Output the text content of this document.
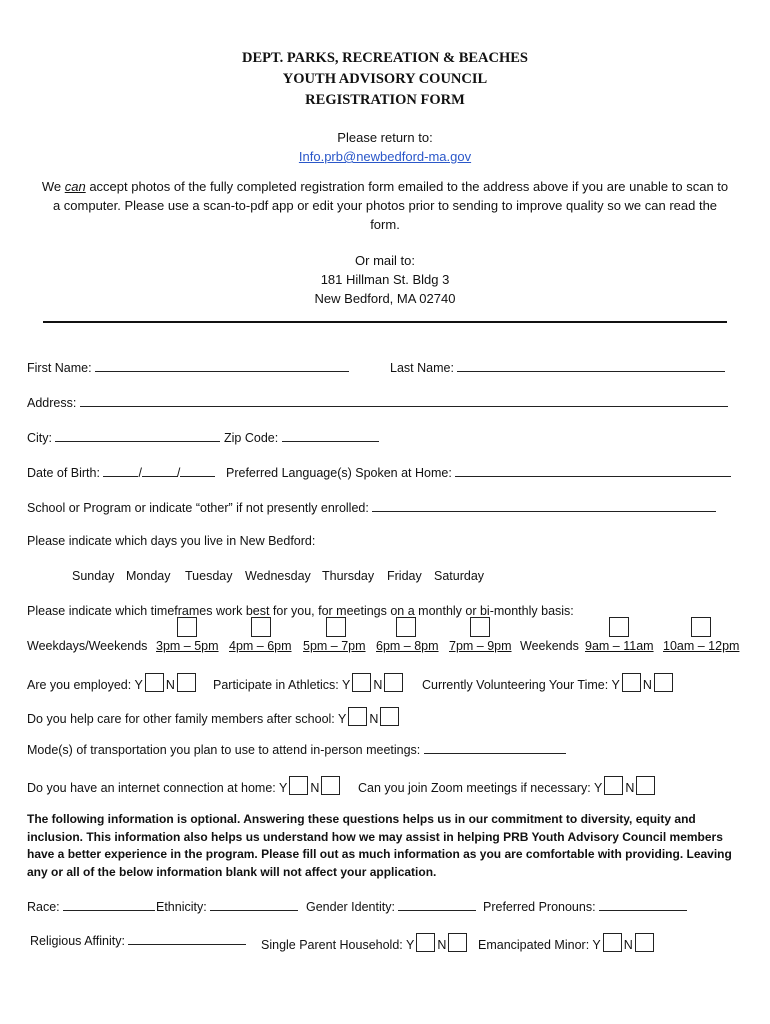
DEPT. PARKS, RECREATION & BEACHES
YOUTH ADVISORY COUNCIL
REGISTRATION FORM
Please return to:
Info.prb@newbedford-ma.gov
We can accept photos of the fully completed registration form emailed to the address above if you are unable to scan to a computer. Please use a scan-to-pdf app or edit your photos prior to sending to improve quality so we can read the form.
Or mail to:
181 Hillman St. Bldg 3
New Bedford, MA 02740
First Name:	Last Name:
Address:
City:	Zip Code:
Date of Birth:	/	/	Preferred Language(s) Spoken at Home:
School or Program or indicate “other” if not presently enrolled:
Please indicate which days you live in New Bedford:
Sunday Monday Tuesday Wednesday Thursday Friday Saturday
Please indicate which timeframes work best for you, for meetings on a monthly or bi-monthly basis:
Weekdays/Weekends 3pm – 5pm 4pm – 6pm 5pm – 7pm 6pm – 8pm 7pm – 9pm Weekends 9am – 11am 10am – 12pm
Are you employed: Y N	Participate in Athletics: Y N	Currently Volunteering Your Time: Y N
Do you help care for other family members after school: Y N
Mode(s) of transportation you plan to use to attend in-person meetings:
Do you have an internet connection at home: Y N	Can you join Zoom meetings if necessary: Y N
The following information is optional. Answering these questions helps us in our commitment to diversity, equity and inclusion. This information also helps us understand how we may assist in helping PRB Youth Advisory Council members have a better experience in the program. Please fill out as much information as you are comfortable with providing. Leaving any or all of the below information blank will not affect your application.
Race:	Ethnicity:	Gender Identity:	Preferred Pronouns:
Religious Affinity:	Single Parent Household: Y N	Emancipated Minor: Y N
